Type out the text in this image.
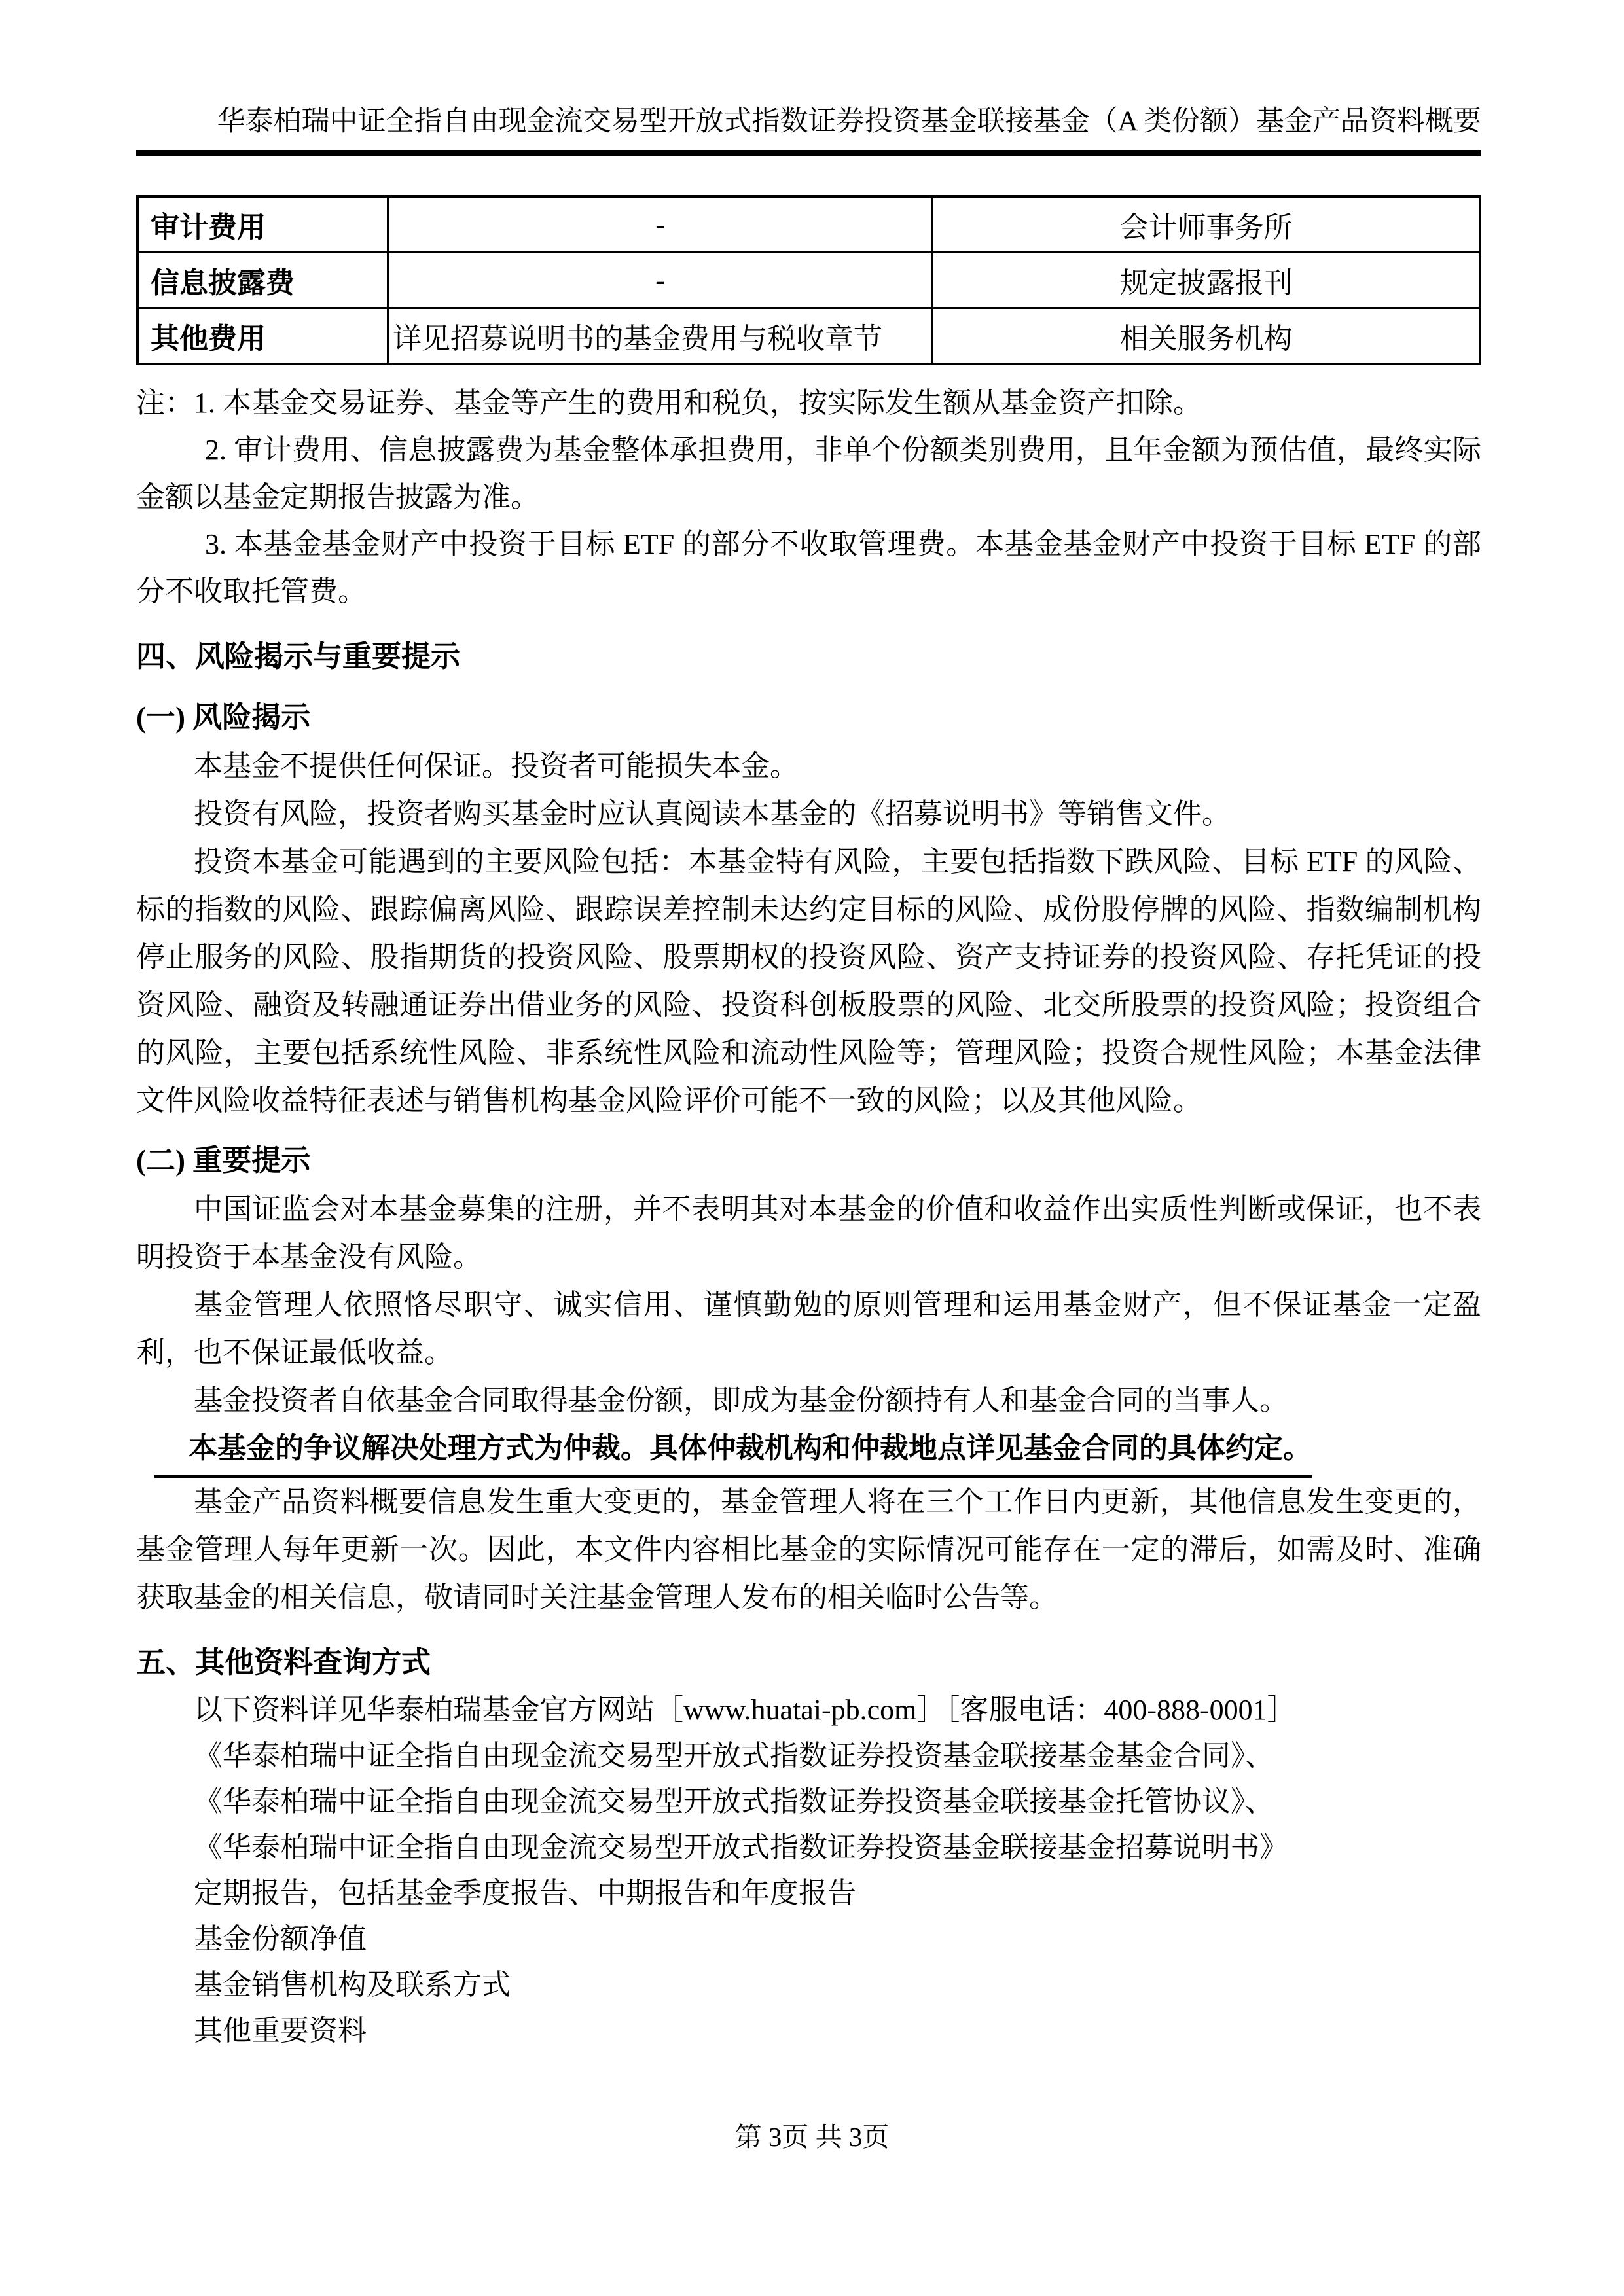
华泰柏瑞中证全指自由现金流交易型开放式指数证券投资基金联接基金（A 类份额）基金产品资料概要
审计费用	-	会计师事务所
信息披露费	-	规定披露报刊
其他费用	详见招募说明书的基金费用与税收章节	相关服务机构

注：1. 本基金交易证券、基金等产生的费用和税负，按实际发生额从基金资产扣除。

2. 审计费用、信息披露费为基金整体承担费用，非单个份额类别费用，且年金额为预估值，最终实际金额以基金定期报告披露为准。

3. 本基金基金财产中投资于目标 ETF 的部分不收取管理费。本基金基金财产中投资于目标 ETF 的部分不收取托管费。

四、风险揭示与重要提示

(一) 风险揭示

本基金不提供任何保证。投资者可能损失本金。

投资有风险，投资者购买基金时应认真阅读本基金的《招募说明书》等销售文件。

投资本基金可能遇到的主要风险包括：本基金特有风险，主要包括指数下跌风险、目标 ETF 的风险、标的指数的风险、跟踪偏离风险、跟踪误差控制未达约定目标的风险、成份股停牌的风险、指数编制机构停止服务的风险、股指期货的投资风险、股票期权的投资风险、资产支持证券的投资风险、存托凭证的投资风险、融资及转融通证券出借业务的风险、投资科创板股票的风险、北交所股票的投资风险；投资组合的风险，主要包括系统性风险、非系统性风险和流动性风险等；管理风险；投资合规性风险；本基金法律文件风险收益特征表述与销售机构基金风险评价可能不一致的风险；以及其他风险。

(二) 重要提示

中国证监会对本基金募集的注册，并不表明其对本基金的价值和收益作出实质性判断或保证，也不表明投资于本基金没有风险。

基金管理人依照恪尽职守、诚实信用、谨慎勤勉的原则管理和运用基金财产，但不保证基金一定盈利，也不保证最低收益。

基金投资者自依基金合同取得基金份额，即成为基金份额持有人和基金合同的当事人。

本基金的争议解决处理方式为仲裁。具体仲裁机构和仲裁地点详见基金合同的具体约定。

基金产品资料概要信息发生重大变更的，基金管理人将在三个工作日内更新，其他信息发生变更的，基金管理人每年更新一次。因此，本文件内容相比基金的实际情况可能存在一定的滞后，如需及时、准确获取基金的相关信息，敬请同时关注基金管理人发布的相关临时公告等。

五、其他资料查询方式

以下资料详见华泰柏瑞基金官方网站［www.huatai-pb.com］［客服电话：400-888-0001］

《华泰柏瑞中证全指自由现金流交易型开放式指数证券投资基金联接基金基金合同》、

《华泰柏瑞中证全指自由现金流交易型开放式指数证券投资基金联接基金托管协议》、

《华泰柏瑞中证全指自由现金流交易型开放式指数证券投资基金联接基金招募说明书》

定期报告，包括基金季度报告、中期报告和年度报告

基金份额净值

基金销售机构及联系方式

其他重要资料

第 3页 共 3页
